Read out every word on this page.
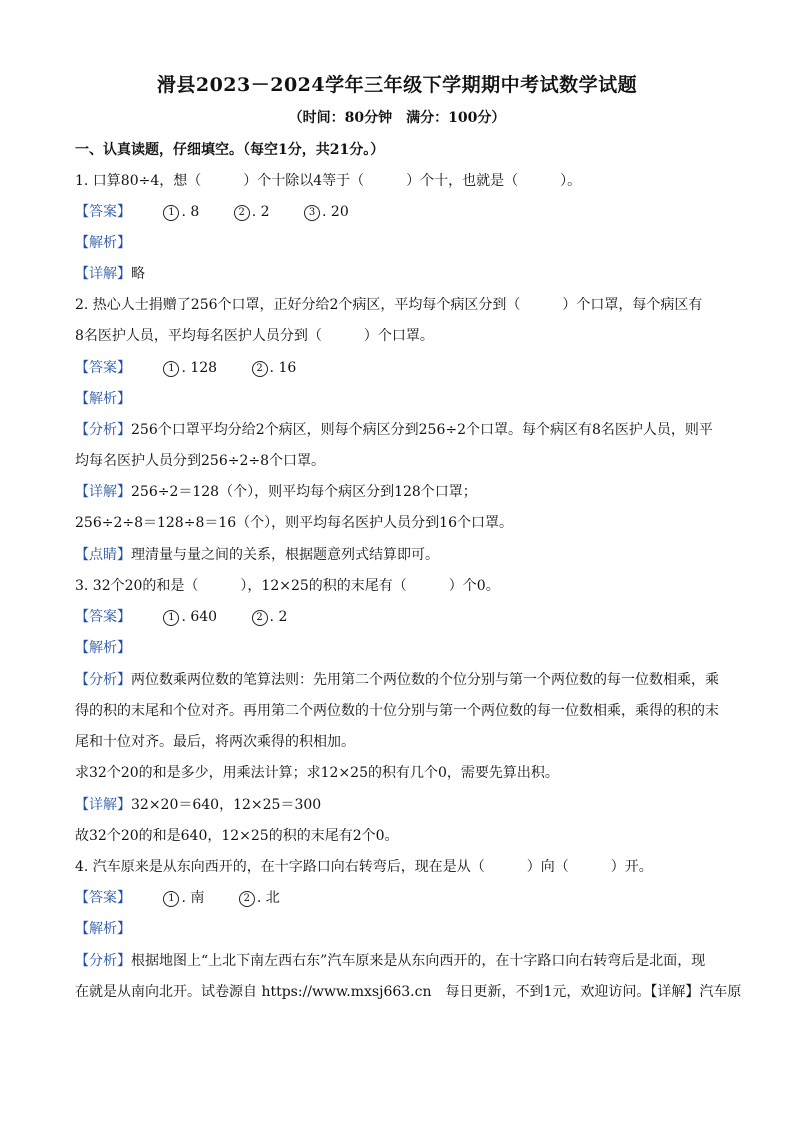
滑县2023－2024学年三年级下学期期中考试数学试题
（时间：80分钟　满分：100分）
一、认真读题，仔细填空。（每空1分，共21分。）
1. 口算80÷4，想（　　　）个十除以4等于（　　　）个十，也就是（　　　）。
【答案】	1 . 8	2 . 2	3 . 20
【解析】
【详解】略
2. 热心人士捐赠了256个口罩，正好分给2个病区，平均每个病区分到（　　　）个口罩，每个病区有
8名医护人员，平均每名医护人员分到（　　　）个口罩。
【答案】	1 . 128	2 . 16
【解析】
【分析】256个口罩平均分给2个病区，则每个病区分到256÷2个口罩。每个病区有8名医护人员，则平
均每名医护人员分到256÷2÷8个口罩。
【详解】256÷2＝128（个），则平均每个病区分到128个口罩；
256÷2÷8＝128÷8＝16（个），则平均每名医护人员分到16个口罩。
【点睛】理清量与量之间的关系，根据题意列式结算即可。
3. 32个20的和是（　　　），12×25的积的末尾有（　　　）个0。
【答案】	1 . 640	2 . 2
【解析】
【分析】两位数乘两位数的笔算法则：先用第二个两位数的个位分别与第一个两位数的每一位数相乘，乘
得的积的末尾和个位对齐。再用第二个两位数的十位分别与第一个两位数的每一位数相乘，乘得的积的末
尾和十位对齐。最后，将两次乘得的积相加。
求32个20的和是多少，用乘法计算；求12×25的积有几个0，需要先算出积。
【详解】32×20＝640，12×25＝300
故32个20的和是640，12×25的积的末尾有2个0。
4. 汽车原来是从东向西开的，在十字路口向右转弯后，现在是从（　　　）向（　　　）开。
【答案】	1 . 南	2 . 北
【解析】
【分析】根据地图上“上北下南左西右东”汽车原来是从东向西开的，在十字路口向右转弯后是北面，现
在就是从南向北开。试卷源自 https://www.mxsj663.cn　每日更新，不到1元，欢迎访问。【详解】汽车原
